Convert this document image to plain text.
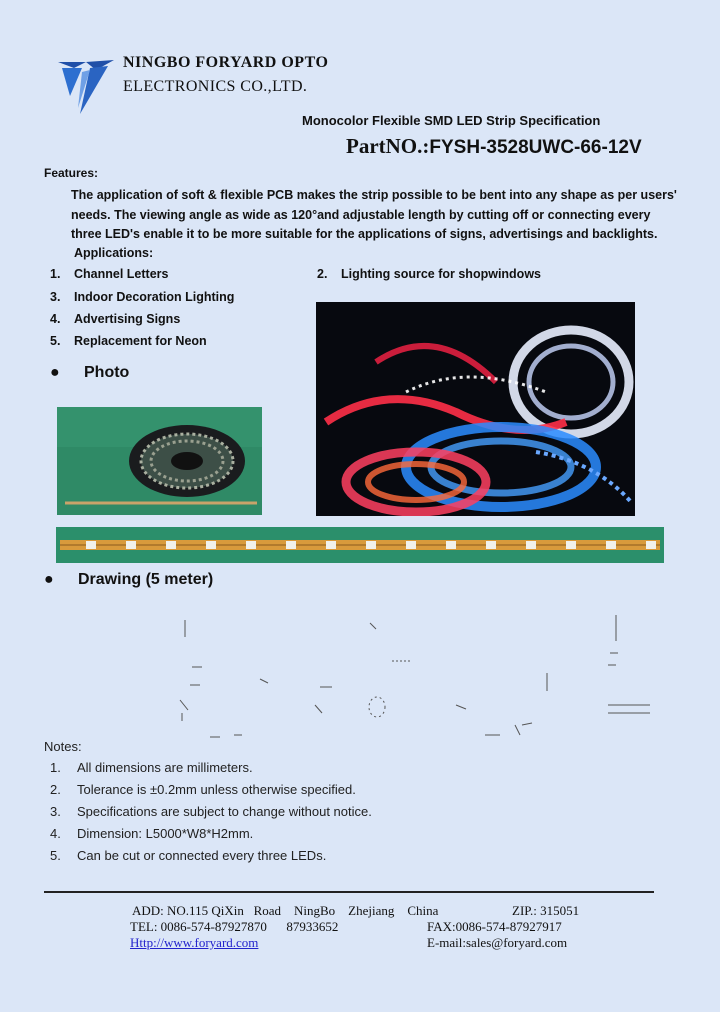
NINGBO FORYARD OPTO
ELECTRONICS CO.,LTD.
Monocolor Flexible SMD LED Strip Specification
PartNO.:FYSH-3528UWC-66-12V
Features:
The application of soft & flexible PCB makes the strip possible to be bent into any shape as per users' needs. The viewing angle as wide as 120°and adjustable length by cutting off or connecting every three LED's enable it to be more suitable for the applications of signs, advertisings and backlights.
Applications:
1. Channel Letters	2. Lighting source for shopwindows
3. Indoor Decoration Lighting
4. Advertising Signs
5. Replacement for Neon
● Photo
● Drawing (5 meter)
Notes:
1. All dimensions are millimeters.
2. Tolerance is ±0.2mm unless otherwise specified.
3. Specifications are subject to change without notice.
4. Dimension: L5000*W8*H2mm.
5. Can be cut or connected every three LEDs.
ADD: NO.115 QiXin   Road    NingBo    Zhejiang    China	ZIP.: 315051
TEL: 0086-574-87927870      87933652	FAX:0086-574-87927917
Http://www.foryard.com	E-mail:sales@foryard.com
